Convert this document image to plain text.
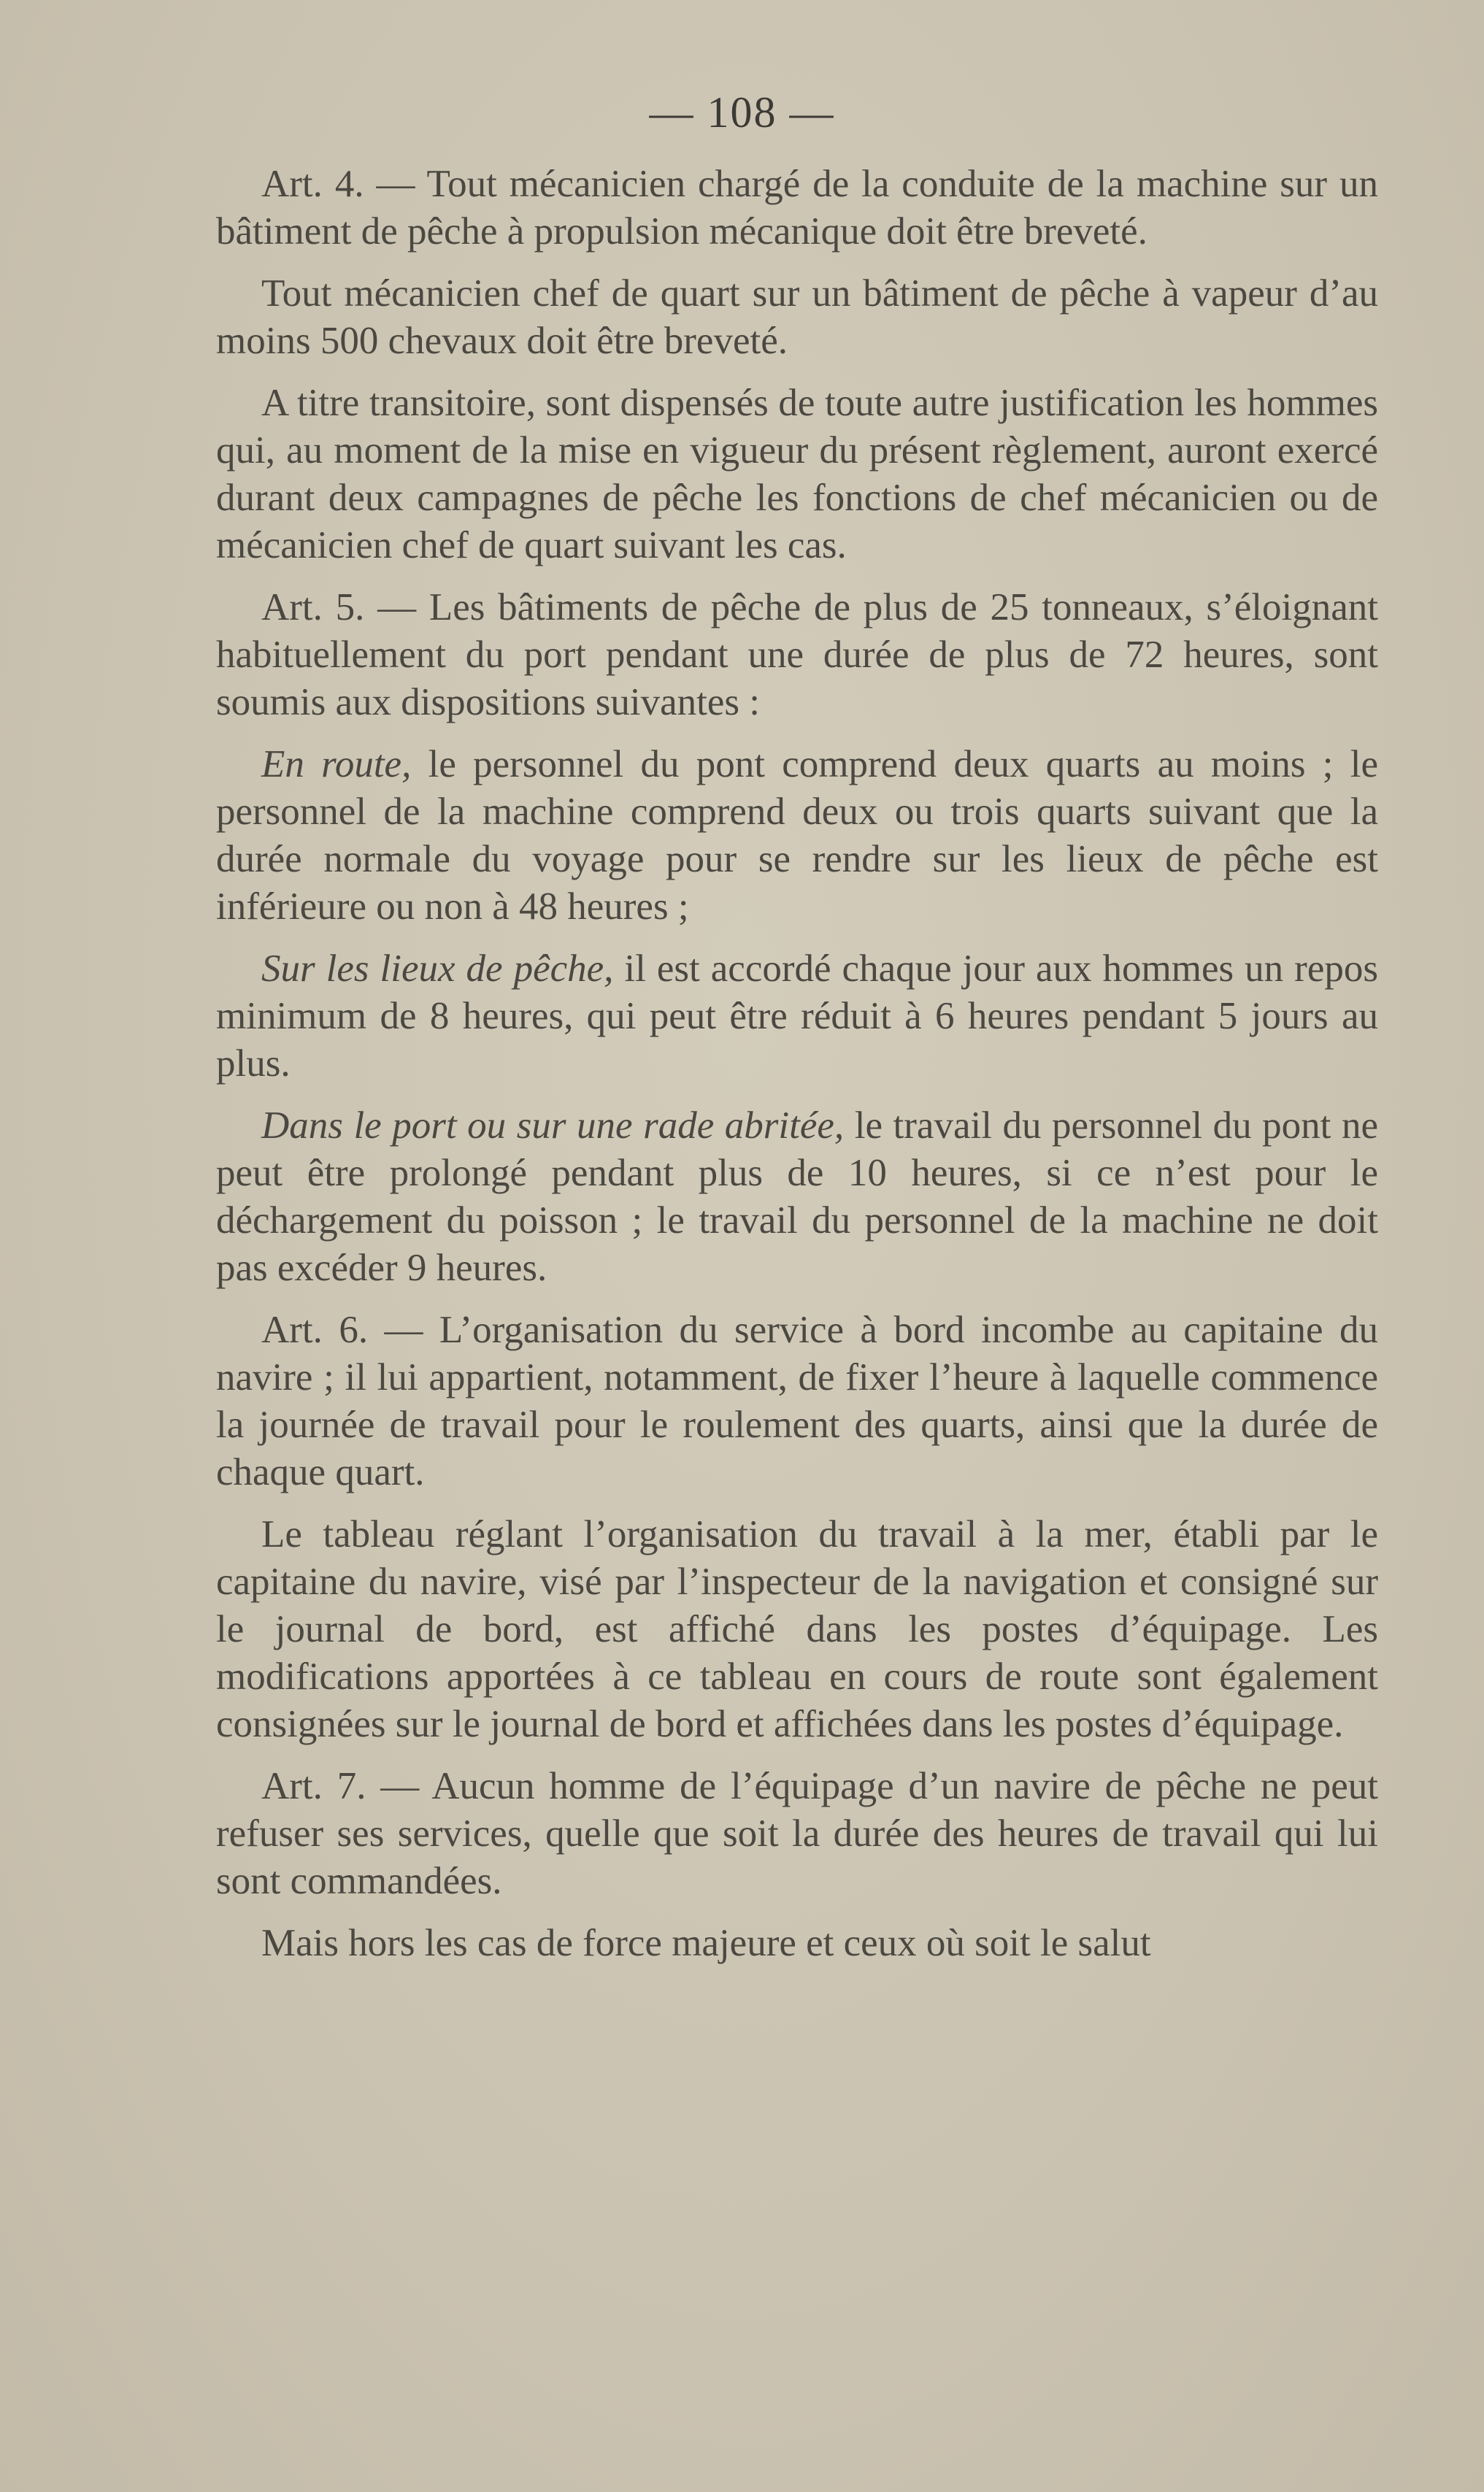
— 108 —

Art. 4. — Tout mécanicien chargé de la conduite de la machine sur un bâtiment de pêche à propulsion mécanique doit être breveté.

Tout mécanicien chef de quart sur un bâtiment de pêche à vapeur d’au moins 500 chevaux doit être breveté.

A titre transitoire, sont dispensés de toute autre justification les hommes qui, au moment de la mise en vigueur du présent règlement, auront exercé durant deux campagnes de pêche les fonctions de chef mécanicien ou de mécanicien chef de quart suivant les cas.

Art. 5. — Les bâtiments de pêche de plus de 25 tonneaux, s’éloignant habituellement du port pendant une durée de plus de 72 heures, sont soumis aux dispositions suivantes :

En route, le personnel du pont comprend deux quarts au moins ; le personnel de la machine comprend deux ou trois quarts suivant que la durée normale du voyage pour se rendre sur les lieux de pêche est inférieure ou non à 48 heures ;

Sur les lieux de pêche, il est accordé chaque jour aux hommes un repos minimum de 8 heures, qui peut être réduit à 6 heures pendant 5 jours au plus.

Dans le port ou sur une rade abritée, le travail du personnel du pont ne peut être prolongé pendant plus de 10 heures, si ce n’est pour le déchargement du poisson ; le travail du personnel de la machine ne doit pas excéder 9 heures.

Art. 6. — L’organisation du service à bord incombe au capitaine du navire ; il lui appartient, notamment, de fixer l’heure à laquelle commence la journée de travail pour le roulement des quarts, ainsi que la durée de chaque quart.

Le tableau réglant l’organisation du travail à la mer, établi par le capitaine du navire, visé par l’inspecteur de la navigation et consigné sur le journal de bord, est affiché dans les postes d’équipage. Les modifications apportées à ce tableau en cours de route sont également consignées sur le journal de bord et affichées dans les postes d’équipage.

Art. 7. — Aucun homme de l’équipage d’un navire de pêche ne peut refuser ses services, quelle que soit la durée des heures de travail qui lui sont commandées.

Mais hors les cas de force majeure et ceux où soit le salut
